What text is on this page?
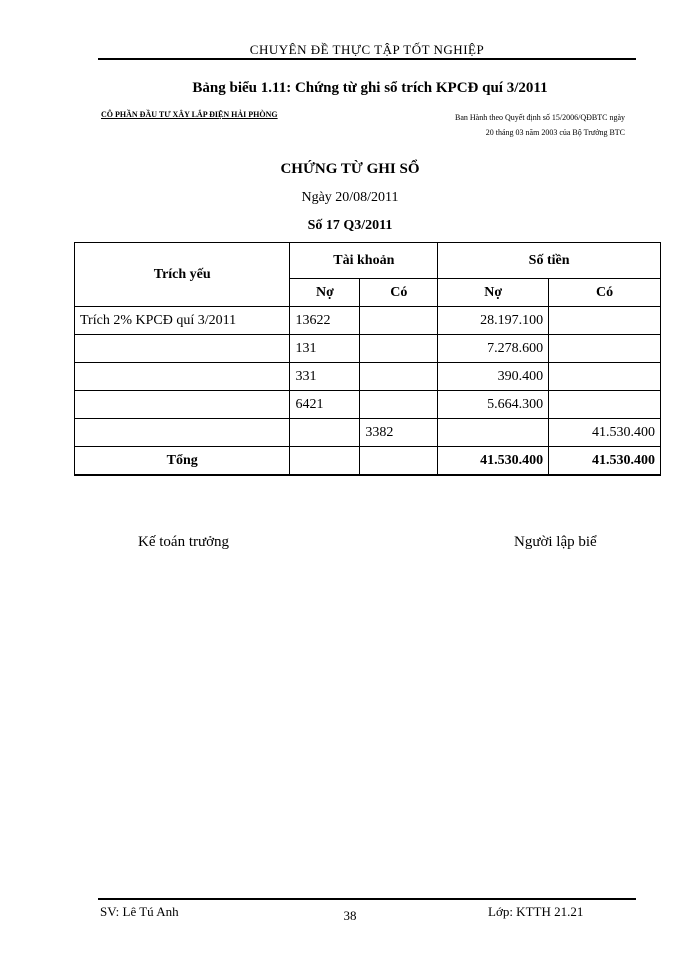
CHUYÊN ĐỀ THỰC TẬP TỐT NGHIỆP
Bảng biểu 1.11: Chứng từ ghi sổ trích KPCĐ quí 3/2011
CÔ PHẦN ĐẦU TƯ XÂY LẮP ĐIỆN HẢI PHÒNG	Ban Hành theo Quyết định số 15/2006/QĐBTC ngày
20 tháng 03 năm 2003 của Bộ Trưởng BTC
CHỨNG TỪ GHI SỔ
Ngày 20/08/2011
Số 17 Q3/2011
Trích yếu	Tài khoản		Số tiền	
	Nợ	Có	Nợ	Có
Trích 2% KPCĐ quí 3/2011	13622		28.197.100	
	131		7.278.600	
	331		390.400	
	6421		5.664.300	
		3382		41.530.400
Tổng			41.530.400	41.530.400
Kế toán trưởng	Người lập biể
SV: Lê Tú Anh	38	Lớp: KTTH 21.21
